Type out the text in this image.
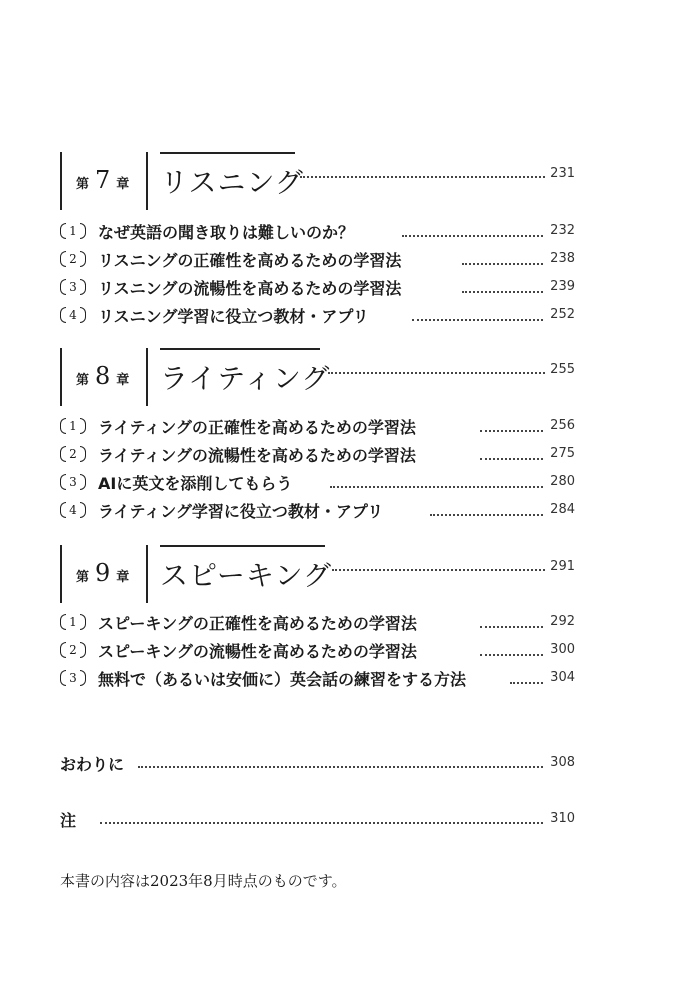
第 7 章 リスニング	231
1	なぜ英語の聞き取りは難しいのか？	232
2	リスニングの正確性を高めるための学習法	238
3	リスニングの流暢性を高めるための学習法	239
4	リスニング学習に役立つ教材・アプリ	252
第 8 章 ライティング	255
1	ライティングの正確性を高めるための学習法	256
2	ライティングの流暢性を高めるための学習法	275
3	AIに英文を添削してもらう	280
4	ライティング学習に役立つ教材・アプリ	284
第 9 章 スピーキング	291
1	スピーキングの正確性を高めるための学習法	292
2	スピーキングの流暢性を高めるための学習法	300
3	無料で（あるいは安価に）英会話の練習をする方法	304
おわりに	308
注	310
本書の内容は2023年8月時点のものです。
